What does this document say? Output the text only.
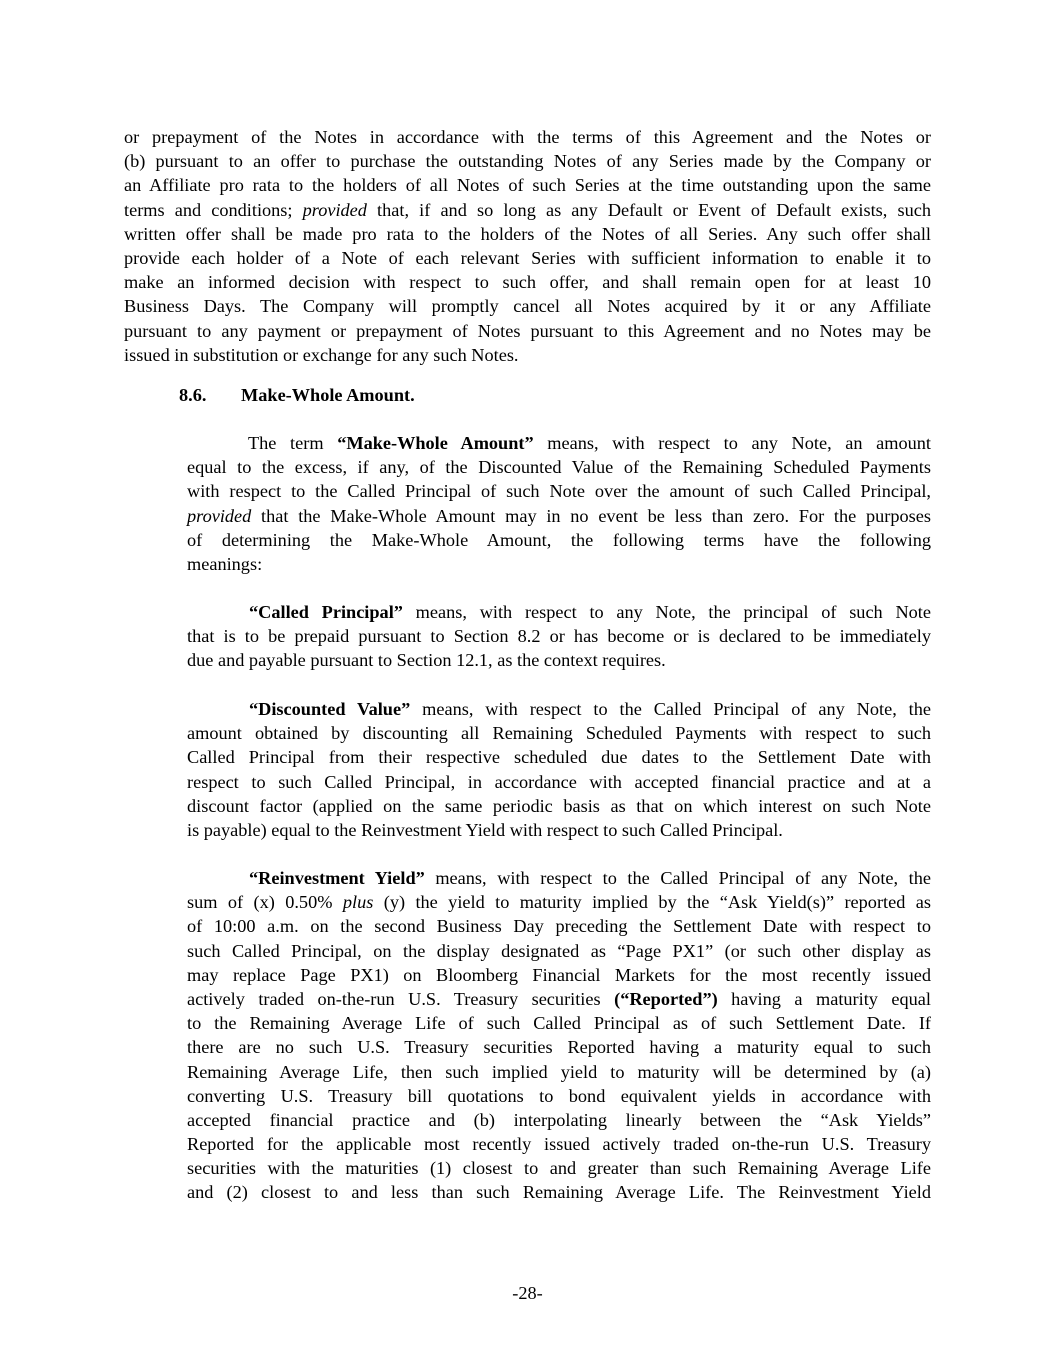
or prepayment of the Notes in accordance with the terms of this Agreement and the Notes or
(b) pursuant to an offer to purchase the outstanding Notes of any Series made by the Company or
an Affiliate pro rata to the holders of all Notes of such Series at the time outstanding upon the same
terms and conditions; provided that, if and so long as any Default or Event of Default exists, such
written offer shall be made pro rata to the holders of the Notes of all Series. Any such offer shall
provide each holder of a Note of each relevant Series with sufficient information to enable it to
make an informed decision with respect to such offer, and shall remain open for at least 10
Business Days. The Company will promptly cancel all Notes acquired by it or any Affiliate
pursuant to any payment or prepayment of Notes pursuant to this Agreement and no Notes may be
issued in substitution or exchange for any such Notes.
8.6. Make-Whole Amount.
The term “Make-Whole Amount” means, with respect to any Note, an amount
equal to the excess, if any, of the Discounted Value of the Remaining Scheduled Payments
with respect to the Called Principal of such Note over the amount of such Called Principal,
provided that the Make-Whole Amount may in no event be less than zero. For the purposes
of determining the Make-Whole Amount, the following terms have the following
meanings:
“Called Principal” means, with respect to any Note, the principal of such Note
that is to be prepaid pursuant to Section 8.2 or has become or is declared to be immediately
due and payable pursuant to Section 12.1, as the context requires.
“Discounted Value” means, with respect to the Called Principal of any Note, the
amount obtained by discounting all Remaining Scheduled Payments with respect to such
Called Principal from their respective scheduled due dates to the Settlement Date with
respect to such Called Principal, in accordance with accepted financial practice and at a
discount factor (applied on the same periodic basis as that on which interest on such Note
is payable) equal to the Reinvestment Yield with respect to such Called Principal.
“Reinvestment Yield” means, with respect to the Called Principal of any Note, the
sum of (x) 0.50% plus (y) the yield to maturity implied by the “Ask Yield(s)” reported as
of 10:00 a.m. on the second Business Day preceding the Settlement Date with respect to
such Called Principal, on the display designated as “Page PX1” (or such other display as
may replace Page PX1) on Bloomberg Financial Markets for the most recently issued
actively traded on-the-run U.S. Treasury securities (“Reported”) having a maturity equal
to the Remaining Average Life of such Called Principal as of such Settlement Date. If
there are no such U.S. Treasury securities Reported having a maturity equal to such
Remaining Average Life, then such implied yield to maturity will be determined by (a)
converting U.S. Treasury bill quotations to bond equivalent yields in accordance with
accepted financial practice and (b) interpolating linearly between the “Ask Yields”
Reported for the applicable most recently issued actively traded on-the-run U.S. Treasury
securities with the maturities (1) closest to and greater than such Remaining Average Life
and (2) closest to and less than such Remaining Average Life. The Reinvestment Yield
-28-
